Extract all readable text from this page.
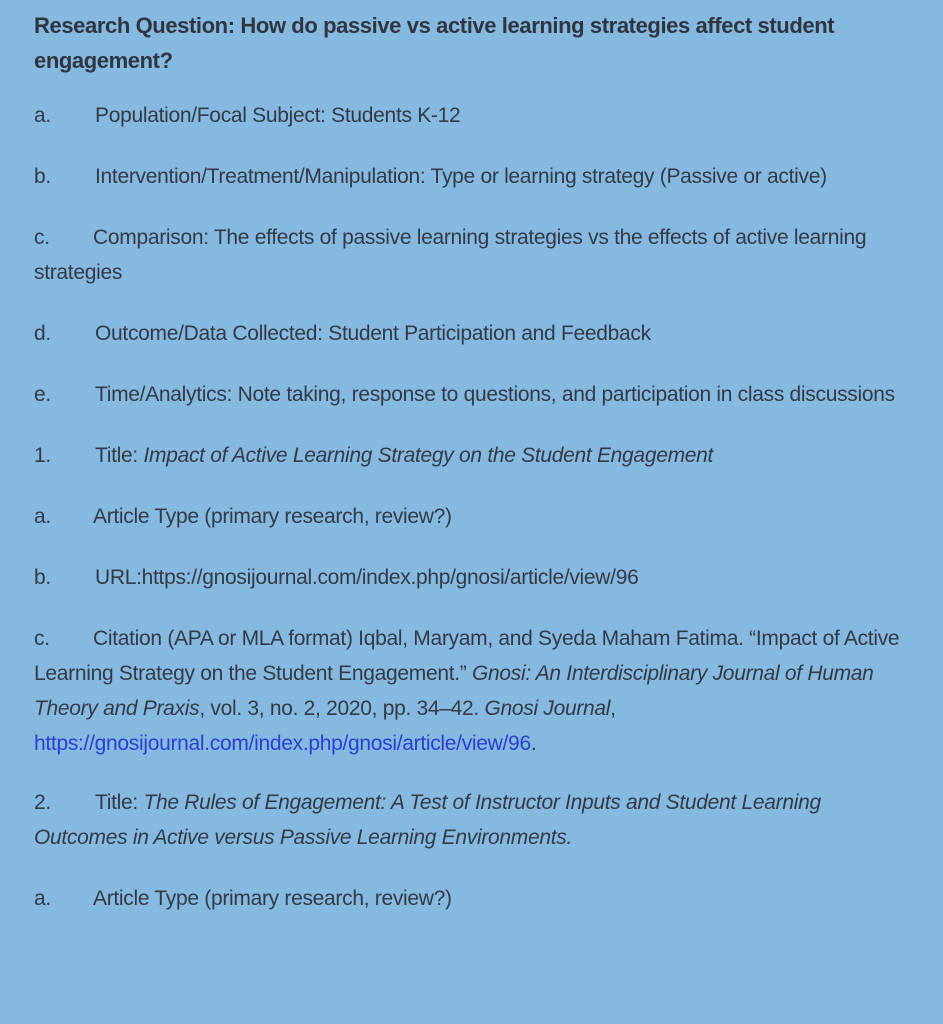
Research Question: How do passive vs active learning strategies affect student engagement?
a. Population/Focal Subject: Students K-12
b. Intervention/Treatment/Manipulation: Type or learning strategy (Passive or active)
c. Comparison: The effects of passive learning strategies vs the effects of active learning strategies
d. Outcome/Data Collected: Student Participation and Feedback
e. Time/Analytics: Note taking, response to questions, and participation in class discussions
1. Title: Impact of Active Learning Strategy on the Student Engagement
a. Article Type (primary research, review?)
b. URL:https://gnosijournal.com/index.php/gnosi/article/view/96
c. Citation (APA or MLA format) Iqbal, Maryam, and Syeda Maham Fatima. “Impact of Active Learning Strategy on the Student Engagement.” Gnosi: An Interdisciplinary Journal of Human Theory and Praxis, vol. 3, no. 2, 2020, pp. 34–42. Gnosi Journal, https://gnosijournal.com/index.php/gnosi/article/view/96.
2. Title: The Rules of Engagement: A Test of Instructor Inputs and Student Learning Outcomes in Active versus Passive Learning Environments.
a. Article Type (primary research, review?)
